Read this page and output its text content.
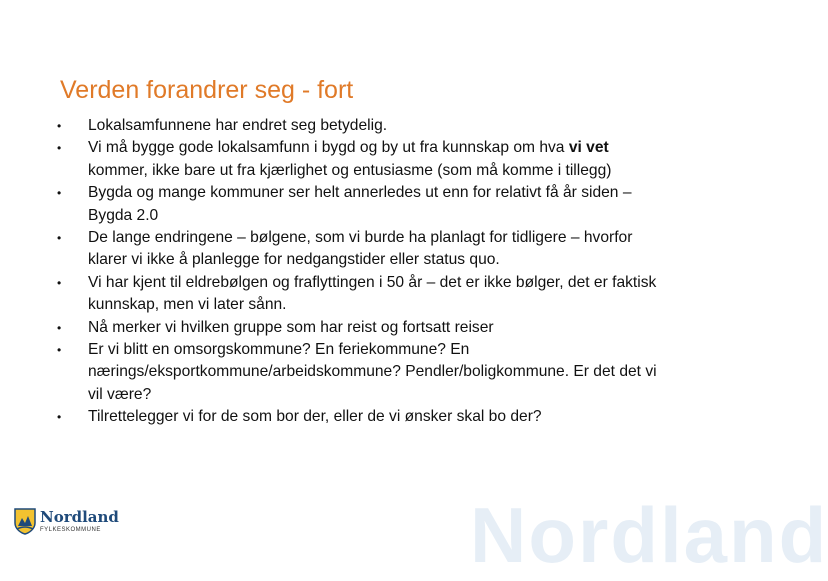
Verden forandrer seg - fort
•	Lokalsamfunnene har endret seg betydelig.
•	Vi må bygge gode lokalsamfunn i bygd og by ut fra kunnskap om hva vi vet kommer, ikke bare ut fra kjærlighet og entusiasme (som må komme i tillegg)
•	Bygda og mange kommuner ser helt annerledes ut enn for relativt få år siden – Bygda 2.0
•	De lange endringene – bølgene, som vi burde ha planlagt for tidligere – hvorfor klarer vi ikke å planlegge for nedgangstider eller status quo.
•	Vi har kjent til eldrebølgen og fraflyttingen i 50 år – det er ikke bølger, det er faktisk kunnskap, men vi later sånn.
•	Nå merker vi hvilken gruppe som har reist og fortsatt reiser
•	Er vi blitt en omsorgskommune? En feriekommune? En nærings/eksportkommune/arbeidskommune? Pendler/boligkommune. Er det det vi vil være?
•	Tilrettelegger vi for de som bor der, eller de vi ønsker skal bo der?
Nordland
Nordland
FYLKESKOMMUNE
